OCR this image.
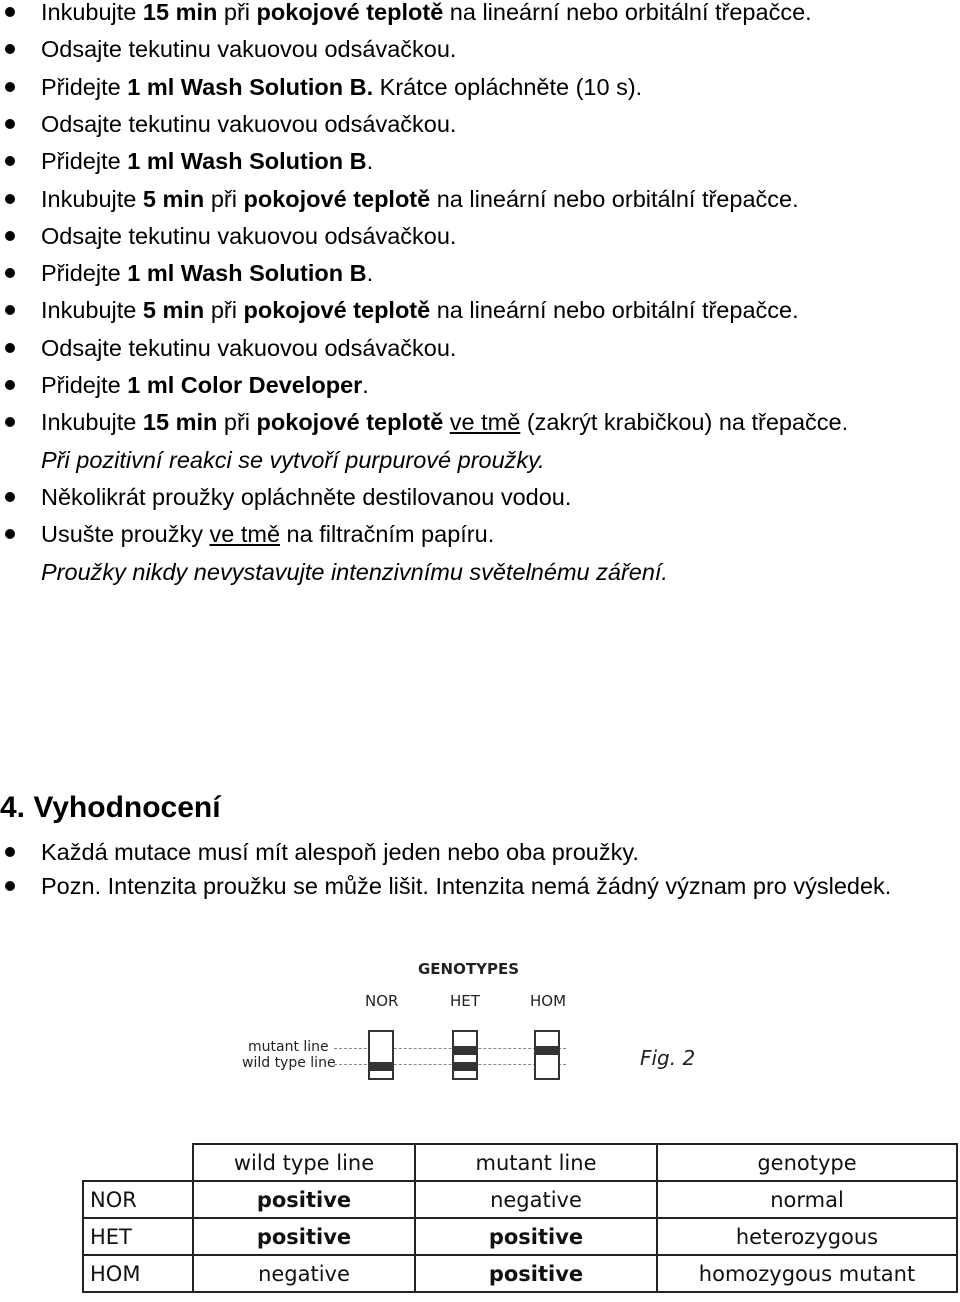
Inkubujte 15 min při pokojové teplotě na lineární nebo orbitální třepačce.
Odsajte tekutinu vakuovou odsávačkou.
Přidejte 1 ml Wash Solution B. Krátce opláchněte (10 s).
Odsajte tekutinu vakuovou odsávačkou.
Přidejte 1 ml Wash Solution B.
Inkubujte 5 min při pokojové teplotě na lineární nebo orbitální třepačce.
Odsajte tekutinu vakuovou odsávačkou.
Přidejte 1 ml Wash Solution B.
Inkubujte 5 min při pokojové teplotě na lineární nebo orbitální třepačce.
Odsajte tekutinu vakuovou odsávačkou.
Přidejte 1 ml Color Developer.
Inkubujte 15 min při pokojové teplotě ve tmě (zakrýt krabičkou) na třepačce.
Při pozitivní reakci se vytvoří purpurové proužky.
Několikrát proužky opláchněte destilovanou vodou.
Usušte proužky ve tmě na filtračním papíru.
Proužky nikdy nevystavujte intenzivnímu světelnému záření.
4. Vyhodnocení
Každá mutace musí mít alespoň jeden nebo oba proužky.
Pozn. Intenzita proužku se může lišit. Intenzita nemá žádný význam pro výsledek.
GENOTYPES
NOR	HET	HOM
mutant line
wild type line	Fig. 2
	wild type line	mutant line	genotype
NOR	positive	negative	normal
HET	positive	positive	heterozygous
HOM	negative	positive	homozygous mutant
